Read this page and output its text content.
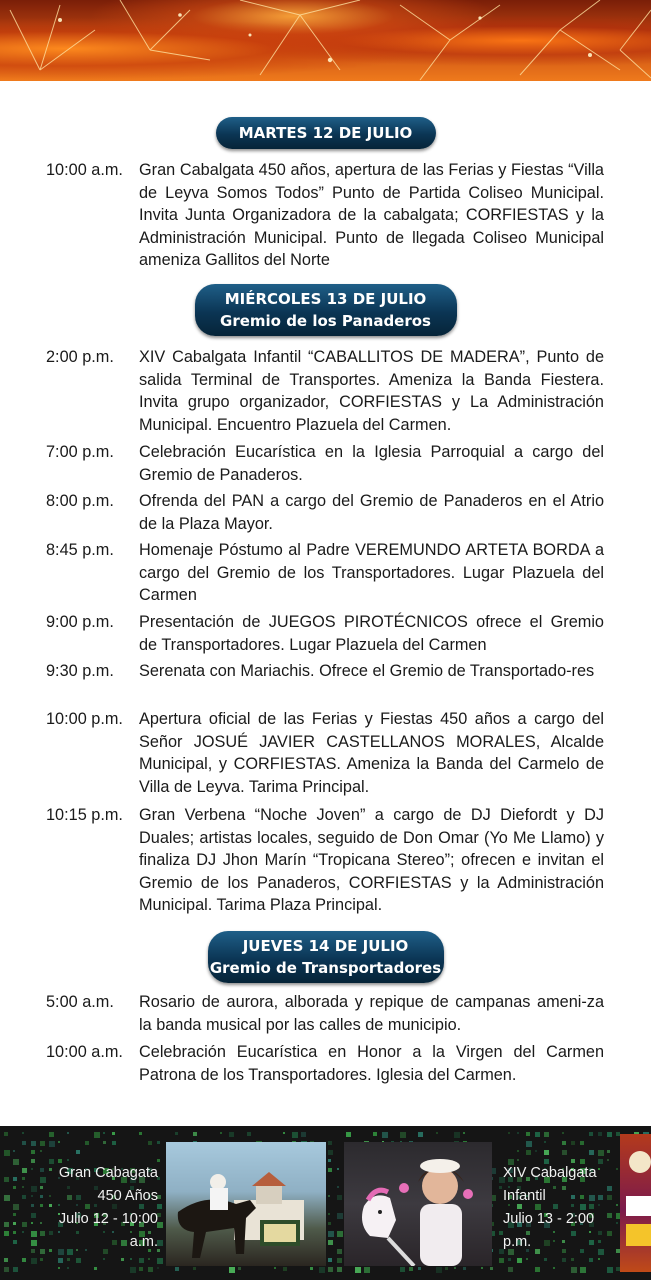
MARTES 12 DE JULIO
10:00 a.m. Gran Cabalgata 450 años, apertura de las Ferias y Fiestas “Villa de Leyva Somos Todos” Punto de Partida Coliseo Municipal. Invita Junta Organizadora de la cabalgata; CORFIESTAS y la Administración Municipal. Punto de llegada Coliseo Municipal ameniza Gallitos del Norte
MIÉRCOLES 13 DE JULIO
Gremio de los Panaderos
2:00 p.m.	XIV Cabalgata Infantil “CABALLITOS DE MADERA”, Punto de salida Terminal de Transportes. Ameniza la Banda Fiestera. Invita grupo organizador, CORFIESTAS y La Administración Municipal. Encuentro Plazuela del Carmen.
7:00 p.m.	Celebración Eucarística en la Iglesia Parroquial a cargo del Gremio de Panaderos.
8:00 p.m.	Ofrenda del PAN a cargo del Gremio de Panaderos en el Atrio de la Plaza Mayor.
8:45 p.m.	Homenaje Póstumo al Padre VEREMUNDO ARTETA BORDA a cargo del Gremio de los Transportadores. Lugar Plazuela del Carmen
9:00 p.m.	Presentación de JUEGOS PIROTÉCNICOS ofrece el Gremio de Transportadores. Lugar Plazuela del Carmen
9:30 p.m.	Serenata con Mariachis. Ofrece el Gremio de Transportado-res
10:00 p.m. Apertura oficial de las Ferias y Fiestas 450 años a cargo del Señor JOSUÉ JAVIER CASTELLANOS MORALES, Alcalde Municipal, y CORFIESTAS. Ameniza la Banda del Carmelo de Villa de Leyva. Tarima Principal.
10:15 p.m. Gran Verbena “Noche Joven” a cargo de DJ Diefordt y DJ Duales; artistas locales, seguido de Don Omar (Yo Me Llamo) y finaliza DJ Jhon Marín “Tropicana Stereo”; ofrecen e invitan el Gremio de los Panaderos, CORFIESTAS y la Administración Municipal. Tarima Plaza Principal.
JUEVES 14 DE JULIO
Gremio de Transportadores
5:00 a.m.	Rosario de aurora, alborada y repique de campanas ameni-za la banda musical por las calles de municipio.
10:00 a.m. Celebración Eucarística en Honor a la Virgen del Carmen Patrona de los Transportadores. Iglesia del Carmen.
Gran Cabagata
450 Años
Julio 12 - 10:00 a.m.
XIV Cabalgata
Infantil
Julio 13 - 2:00 p.m.
